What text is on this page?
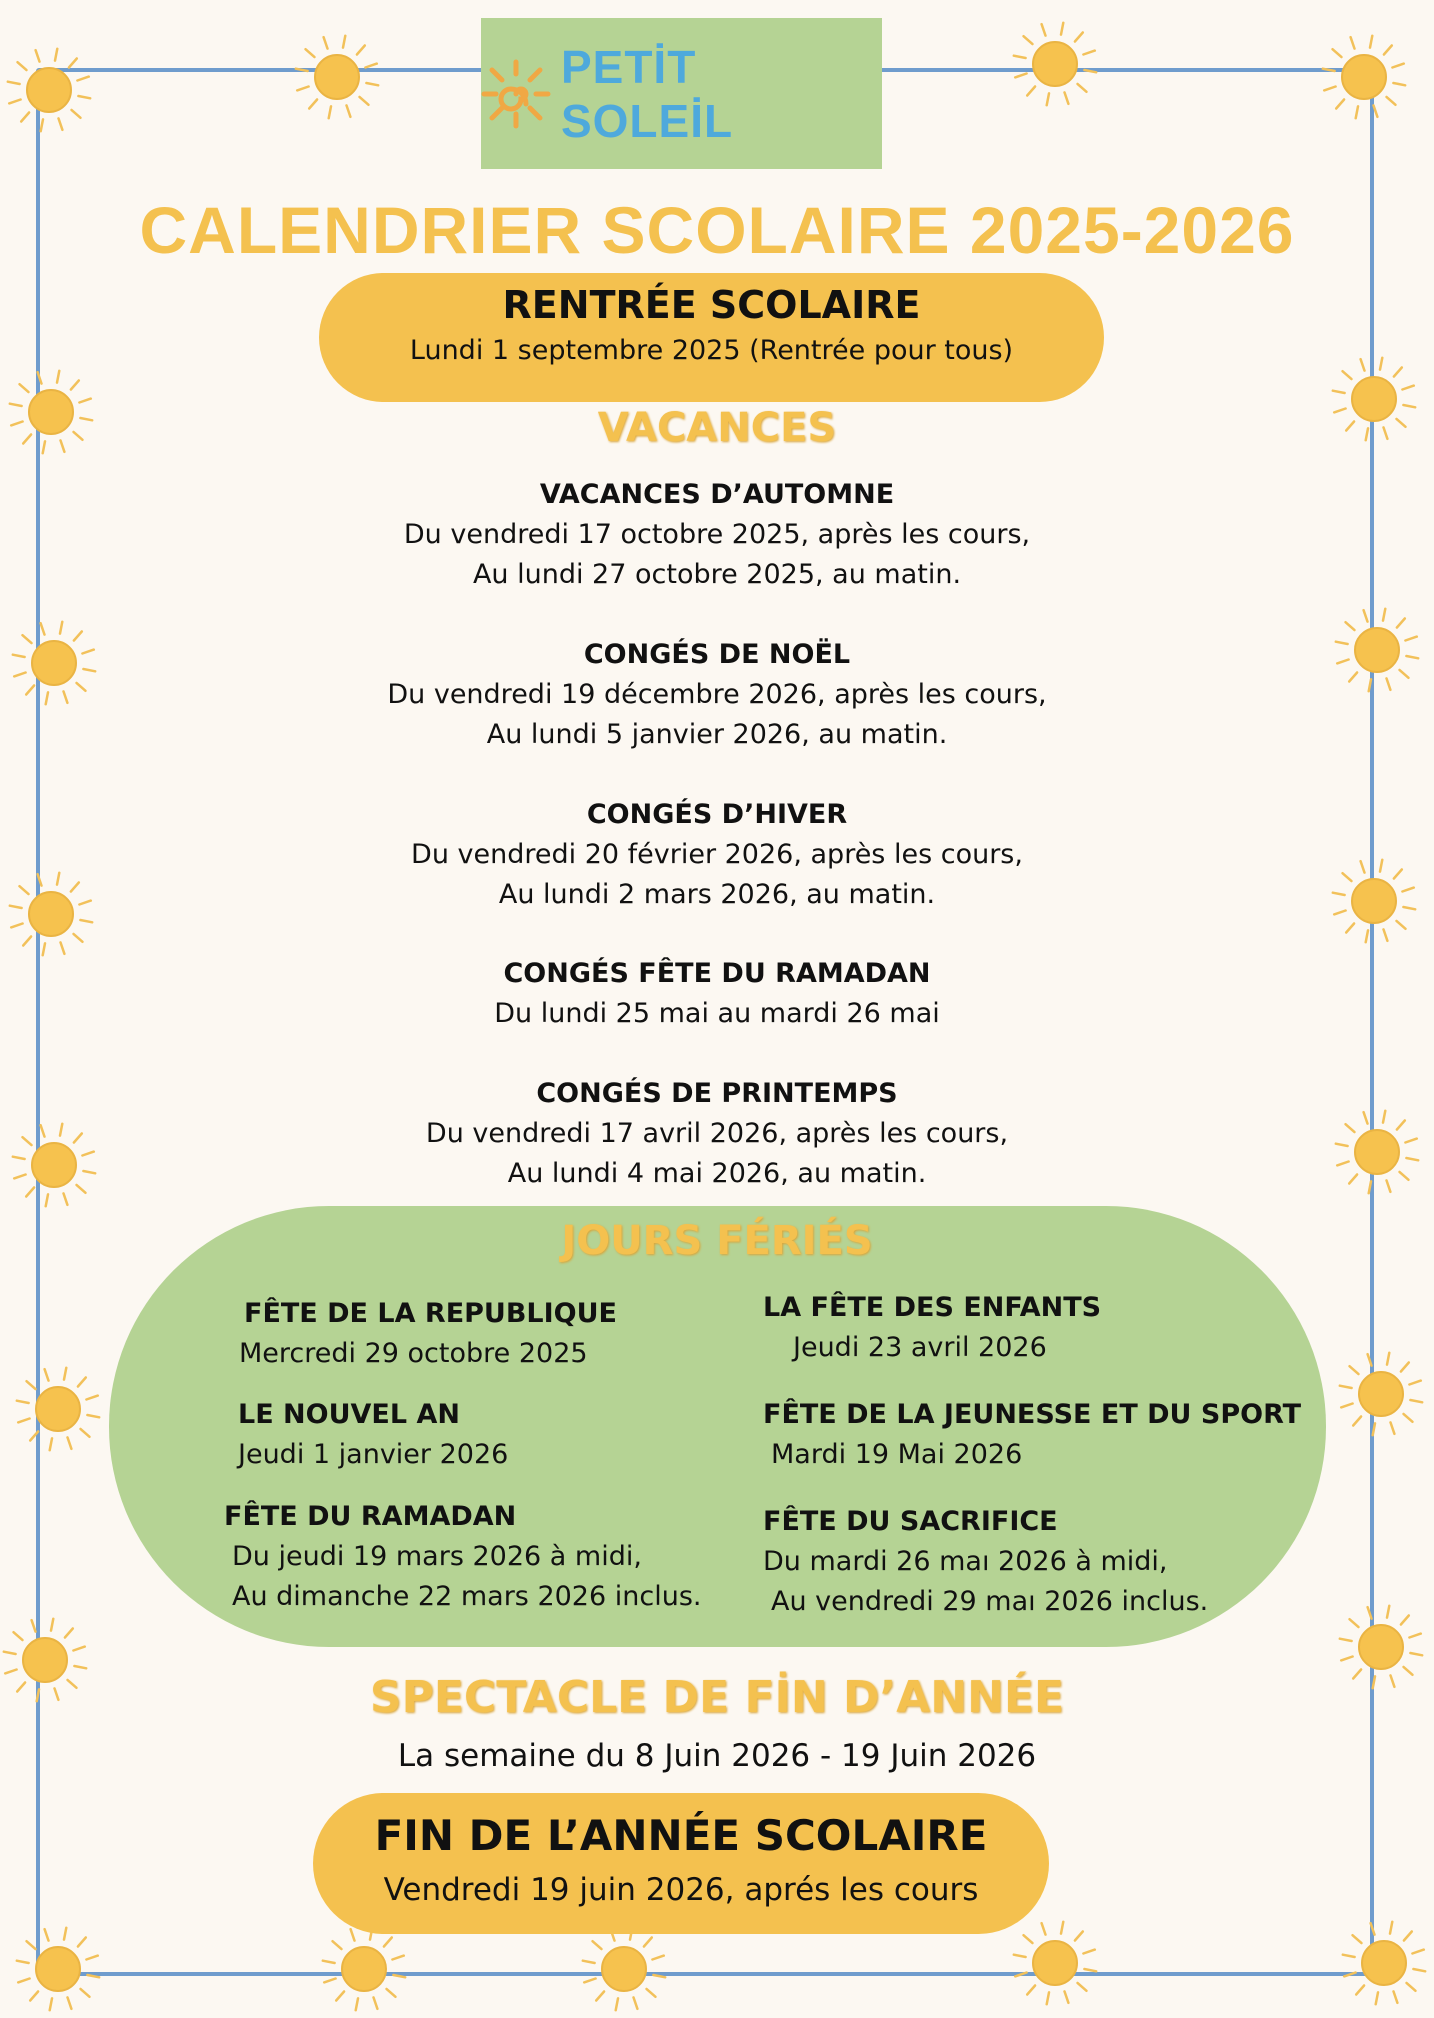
PETİT SOLEİL
CALENDRIER SCOLAIRE 2025-2026
RENTRÉE SCOLAIRE
Lundi 1 septembre 2025 (Rentrée pour tous)
VACANCES
VACANCES D’AUTOMNE
Du vendredi 17 octobre 2025, après les cours,
Au lundi 27 octobre 2025, au matin.
CONGÉS DE NOËL
Du vendredi 19 décembre 2026, après les cours,
Au lundi 5 janvier 2026, au matin.
CONGÉS D’HIVER
Du vendredi 20 février 2026, après les cours,
Au lundi 2 mars 2026, au matin.
CONGÉS FÊTE DU RAMADAN
Du lundi 25 mai au mardi 26 mai
CONGÉS DE PRINTEMPS
Du vendredi 17 avril 2026, après les cours,
Au lundi 4 mai 2026, au matin.
JOURS FÉRIÉS
FÊTE DE LA REPUBLIQUE
Mercredi 29 octobre 2025
LE NOUVEL AN
Jeudi 1 janvier 2026
FÊTE DU RAMADAN
Du jeudi 19 mars 2026 à midi,
Au dimanche 22 mars 2026 inclus.
LA FÊTE DES ENFANTS
Jeudi 23 avril 2026
FÊTE DE LA JEUNESSE ET DU SPORT
Mardi 19 Mai 2026
FÊTE DU SACRIFICE
Du mardi 26 maı 2026 à midi,
Au vendredi 29 maı 2026 inclus.
SPECTACLE DE FİN D’ANNÉE
La semaine du 8 Juin 2026 - 19 Juin 2026
FIN DE L’ANNÉE SCOLAIRE
Vendredi 19 juin 2026, aprés les cours
